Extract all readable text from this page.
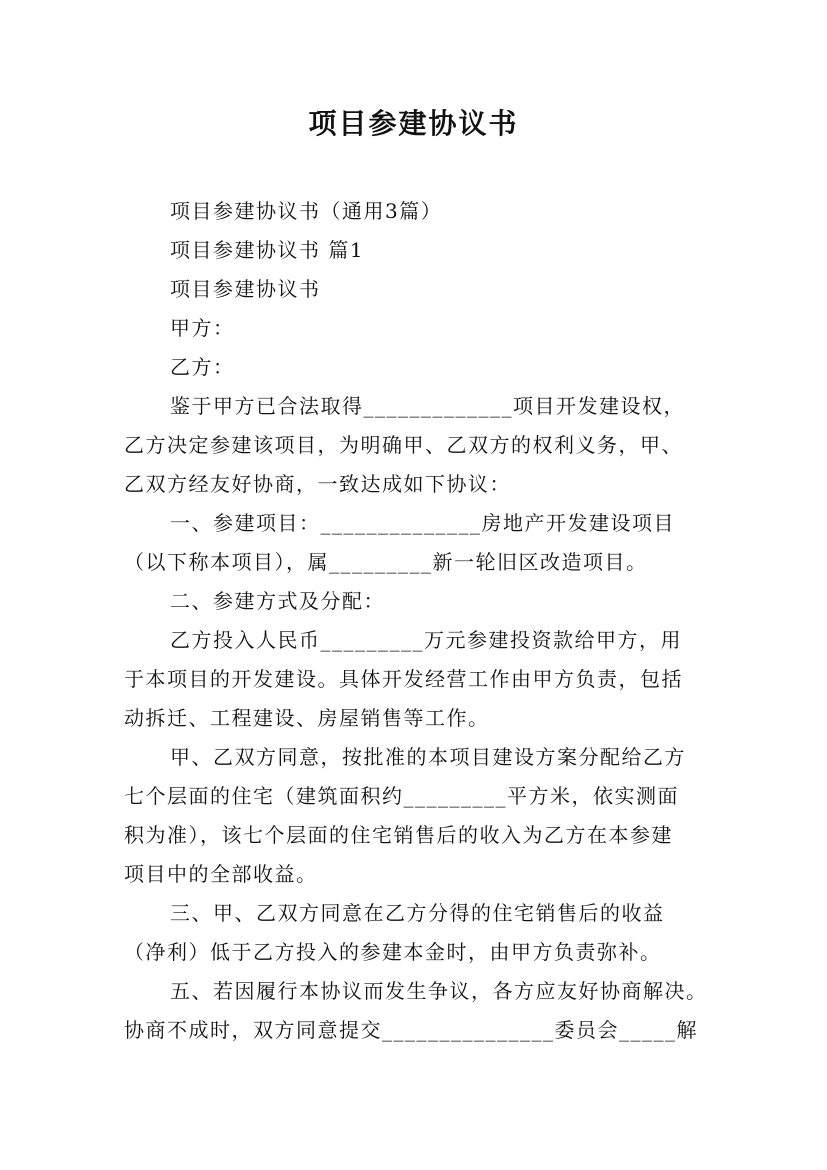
项目参建协议书
项目参建协议书（通用3篇）
项目参建协议书 篇1
项目参建协议书
甲方：
乙方：
鉴于甲方已合法取得_____________项目开发建设权，
乙方决定参建该项目，为明确甲、乙双方的权利义务，甲、
乙双方经友好协商，一致达成如下协议：
一、参建项目：______________房地产开发建设项目
（以下称本项目），属_________新一轮旧区改造项目。
二、参建方式及分配：
乙方投入人民币_________万元参建投资款给甲方，用
于本项目的开发建设。具体开发经营工作由甲方负责，包括
动拆迁、工程建设、房屋销售等工作。
甲、乙双方同意，按批准的本项目建设方案分配给乙方
七个层面的住宅（建筑面积约_________平方米，依实测面
积为准），该七个层面的住宅销售后的收入为乙方在本参建
项目中的全部收益。
三、甲、乙双方同意在乙方分得的住宅销售后的收益
（净利）低于乙方投入的参建本金时，由甲方负责弥补。
五、若因履行本协议而发生争议，各方应友好协商解决。
协商不成时，双方同意提交_______________委员会_____解
